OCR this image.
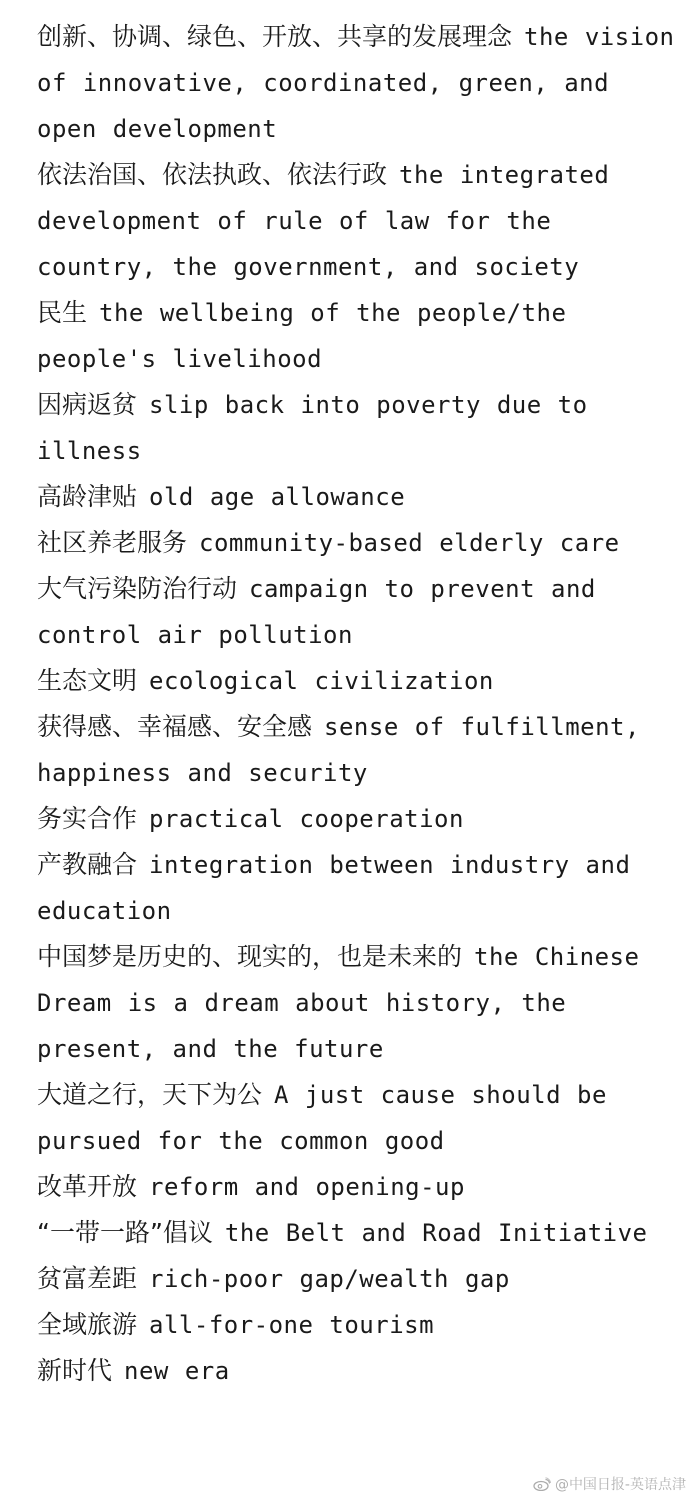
创新、协调、绿色、开放、共享的发展理念 the vision of innovative, coordinated, green, and open development

依法治国、依法执政、依法行政 the integrated development of rule of law for the country, the government, and society

民生 the wellbeing of the people/the people's livelihood

因病返贫 slip back into poverty due to illness

高龄津贴 old age allowance

社区养老服务 community-based elderly care

大气污染防治行动 campaign to prevent and control air pollution

生态文明 ecological civilization

获得感、幸福感、安全感 sense of fulfillment, happiness and security

务实合作 practical cooperation

产教融合 integration between industry and education

中国梦是历史的、现实的，也是未来的 the Chinese Dream is a dream about history, the present, and the future

大道之行，天下为公 A just cause should be pursued for the common good

改革开放 reform and opening-up

“一带一路”倡议 the Belt and Road Initiative

贫富差距 rich-poor gap/wealth gap

全域旅游 all-for-one tourism

新时代 new era

@中国日报-英语点津
